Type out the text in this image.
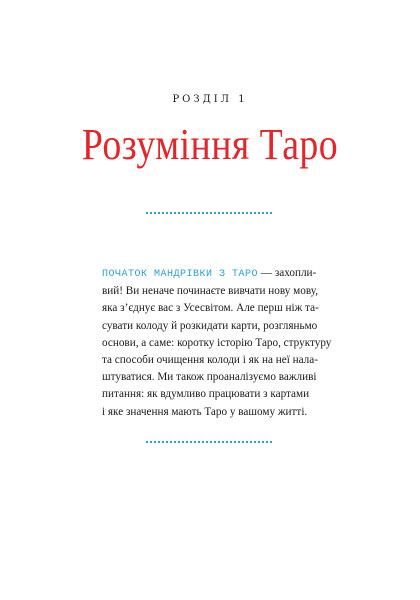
РОЗДІЛ 1
Розуміння Таро

ПОЧАТОК МАНДРІВКИ З ТАРО — захопли-
вий! Ви неначе починаєте вивчати нову мову,
яка з’єднує вас з Усесвітом. Але перш ніж та-
сувати колоду й розкидати карти, розгляньмо
основи, а саме: коротку історію Таро, структуру
та способи очищення колоди і як на неї нала-
штуватися. Ми також проаналізуємо важливі
питання: як вдумливо працювати з картами
і яке значення мають Таро у вашому житті.
